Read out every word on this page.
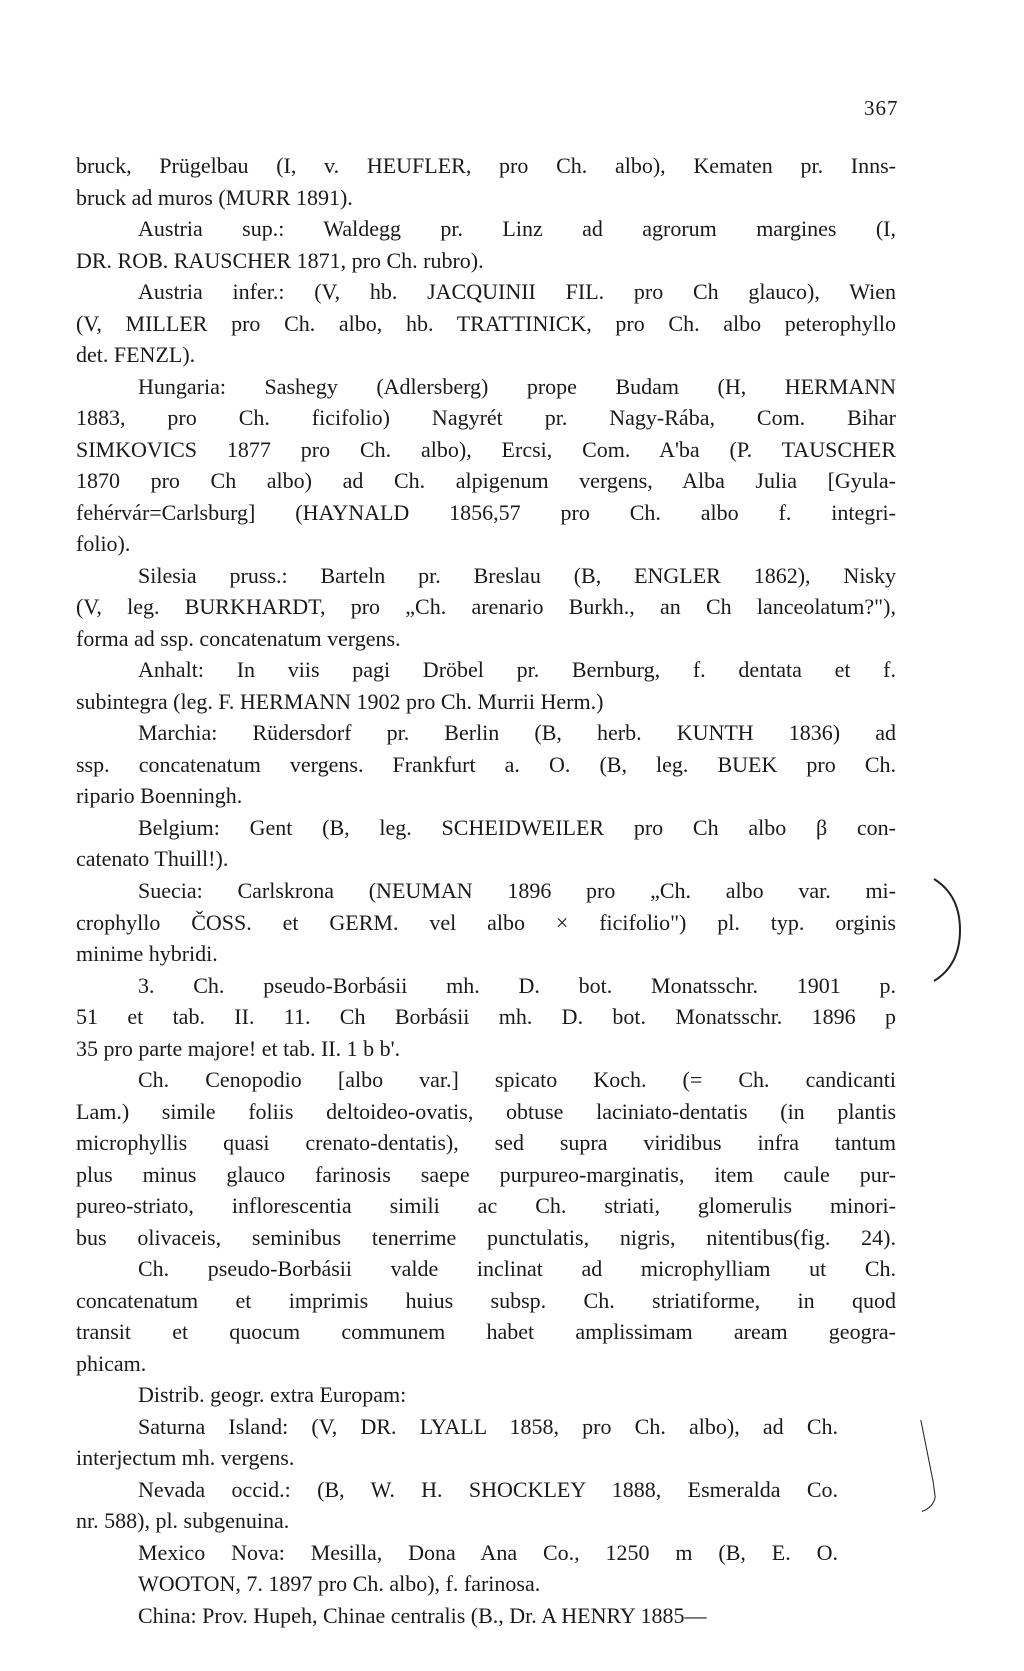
367
bruck, Prügelbau (I, v. HEUFLER, pro Ch. albo), Kematen pr. Inns-
bruck ad muros (MURR 1891).
Austria sup.: Waldegg pr. Linz ad agrorum margines (I,
DR. ROB. RAUSCHER 1871, pro Ch. rubro).
Austria infer.: (V, hb. JACQUINII FIL. pro Ch glauco), Wien
(V, MILLER pro Ch. albo, hb. TRATTINICK, pro Ch. albo peterophyllo
det. FENZL).
Hungaria: Sashegy (Adlersberg) prope Budam (H, HERMANN
1883, pro Ch. ficifolio) Nagyrét pr. Nagy-Rába, Com. Bihar
SIMKOVICS 1877 pro Ch. albo), Ercsi, Com. A'ba (P. TAUSCHER
1870 pro Ch albo) ad Ch. alpigenum vergens, Alba Julia [Gyula-
fehérvár=Carlsburg] (HAYNALD 1856,57 pro Ch. albo f. integri-
folio).
Silesia pruss.: Barteln pr. Breslau (B, ENGLER 1862), Nisky
(V, leg. BURKHARDT, pro „Ch. arenario Burkh., an Ch lanceolatum?"),
forma ad ssp. concatenatum vergens.
Anhalt: In viis pagi Dröbel pr. Bernburg, f. dentata et f.
subintegra (leg. F. HERMANN 1902 pro Ch. Murrii Herm.)
Marchia: Rüdersdorf pr. Berlin (B, herb. KUNTH 1836) ad
ssp. concatenatum vergens. Frankfurt a. O. (B, leg. BUEK pro Ch.
ripario Boenningh.
Belgium: Gent (B, leg. SCHEIDWEILER pro Ch albo β con-
catenato Thuill!).
Suecia: Carlskrona (NEUMAN 1896 pro „Ch. albo var. mi-
crophyllo ČOSS. et GERM. vel albo × ficifolio") pl. typ. orginis
minime hybridi.
3. Ch. pseudo-Borbásii mh. D. bot. Monatsschr. 1901 p.
51 et tab. II. 11. Ch Borbásii mh. D. bot. Monatsschr. 1896 p
35 pro parte majore! et tab. II. 1 b b'.
Ch. Cenopodio [albo var.] spicato Koch. (= Ch. candicanti
Lam.) simile foliis deltoideo-ovatis, obtuse laciniato-dentatis (in plantis
microphyllis quasi crenato-dentatis), sed supra viridibus infra tantum
plus minus glauco farinosis saepe purpureo-marginatis, item caule pur-
pureo-striato, inflorescentia simili ac Ch. striati, glomerulis minori-
bus olivaceis, seminibus tenerrime punctulatis, nigris, nitentibus(fig. 24).
Ch. pseudo-Borbásii valde inclinat ad microphylliam ut Ch.
concatenatum et imprimis huius subsp. Ch. striatiforme, in quod
transit et quocum communem habet amplissimam aream geogra-
phicam.
Distrib. geogr. extra Europam:
Saturna Island: (V, DR. LYALL 1858, pro Ch. albo), ad Ch.
interjectum mh. vergens.
Nevada occid.: (B, W. H. SHOCKLEY 1888, Esmeralda Co.
nr. 588), pl. subgenuina.
Mexico Nova: Mesilla, Dona Ana Co., 1250 m (B, E. O.
WOOTON, 7. 1897 pro Ch. albo), f. farinosa.
China: Prov. Hupeh, Chinae centralis (B., Dr. A HENRY 1885—
